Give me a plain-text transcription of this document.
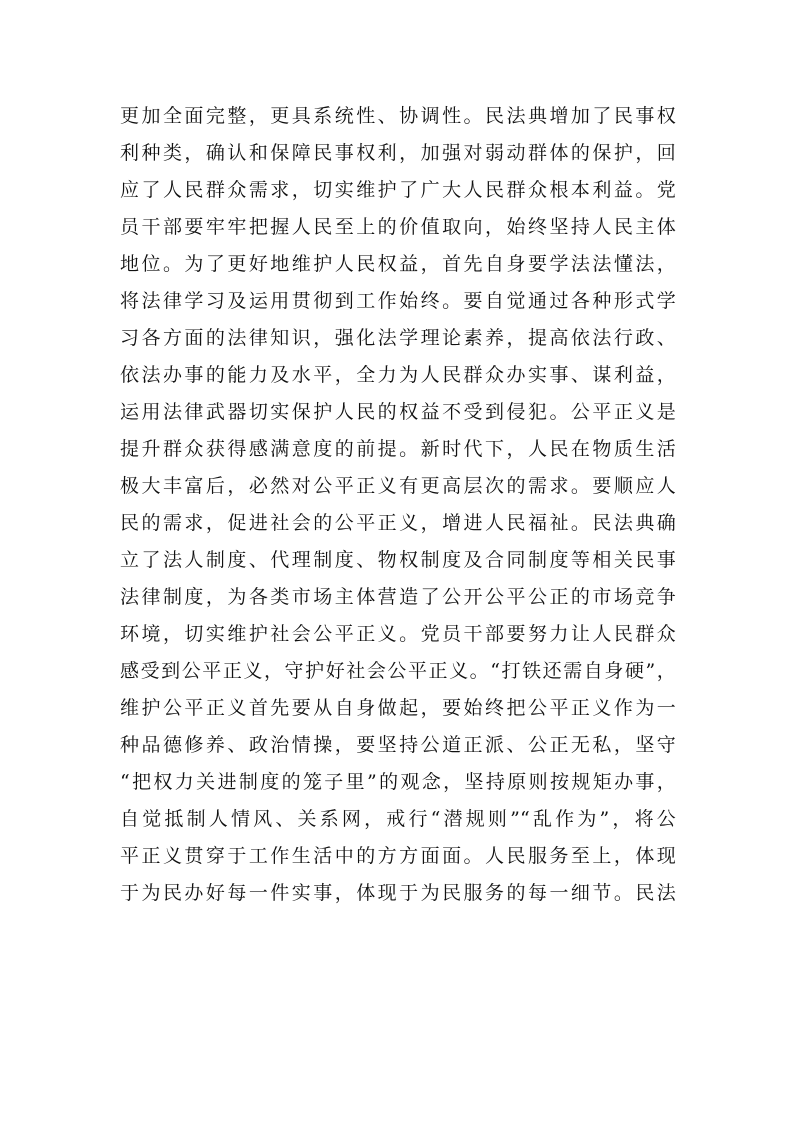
更加全面完整，更具系统性、协调性。民法典增加了民事权
利种类，确认和保障民事权利，加强对弱动群体的保护，回
应了人民群众需求，切实维护了广大人民群众根本利益。党
员干部要牢牢把握人民至上的价值取向，始终坚持人民主体
地位。为了更好地维护人民权益，首先自身要学法法懂法，
将法律学习及运用贯彻到工作始终。要自觉通过各种形式学
习各方面的法律知识，强化法学理论素养，提高依法行政、
依法办事的能力及水平，全力为人民群众办实事、谋利益，
运用法律武器切实保护人民的权益不受到侵犯。公平正义是
提升群众获得感满意度的前提。新时代下，人民在物质生活
极大丰富后，必然对公平正义有更高层次的需求。要顺应人
民的需求，促进社会的公平正义，增进人民福祉。民法典确
立了法人制度、代理制度、物权制度及合同制度等相关民事
法律制度，为各类市场主体营造了公开公平公正的市场竞争
环境，切实维护社会公平正义。党员干部要努力让人民群众
感受到公平正义，守护好社会公平正义。“打铁还需自身硬”，
维护公平正义首先要从自身做起，要始终把公平正义作为一
种品德修养、政治情操，要坚持公道正派、公正无私，坚守
“把权力关进制度的笼子里”的观念，坚持原则按规矩办事，
自觉抵制人情风、关系网，戒行“潜规则”“乱作为”，将公
平正义贯穿于工作生活中的方方面面。人民服务至上，体现
于为民办好每一件实事，体现于为民服务的每一细节。民法
